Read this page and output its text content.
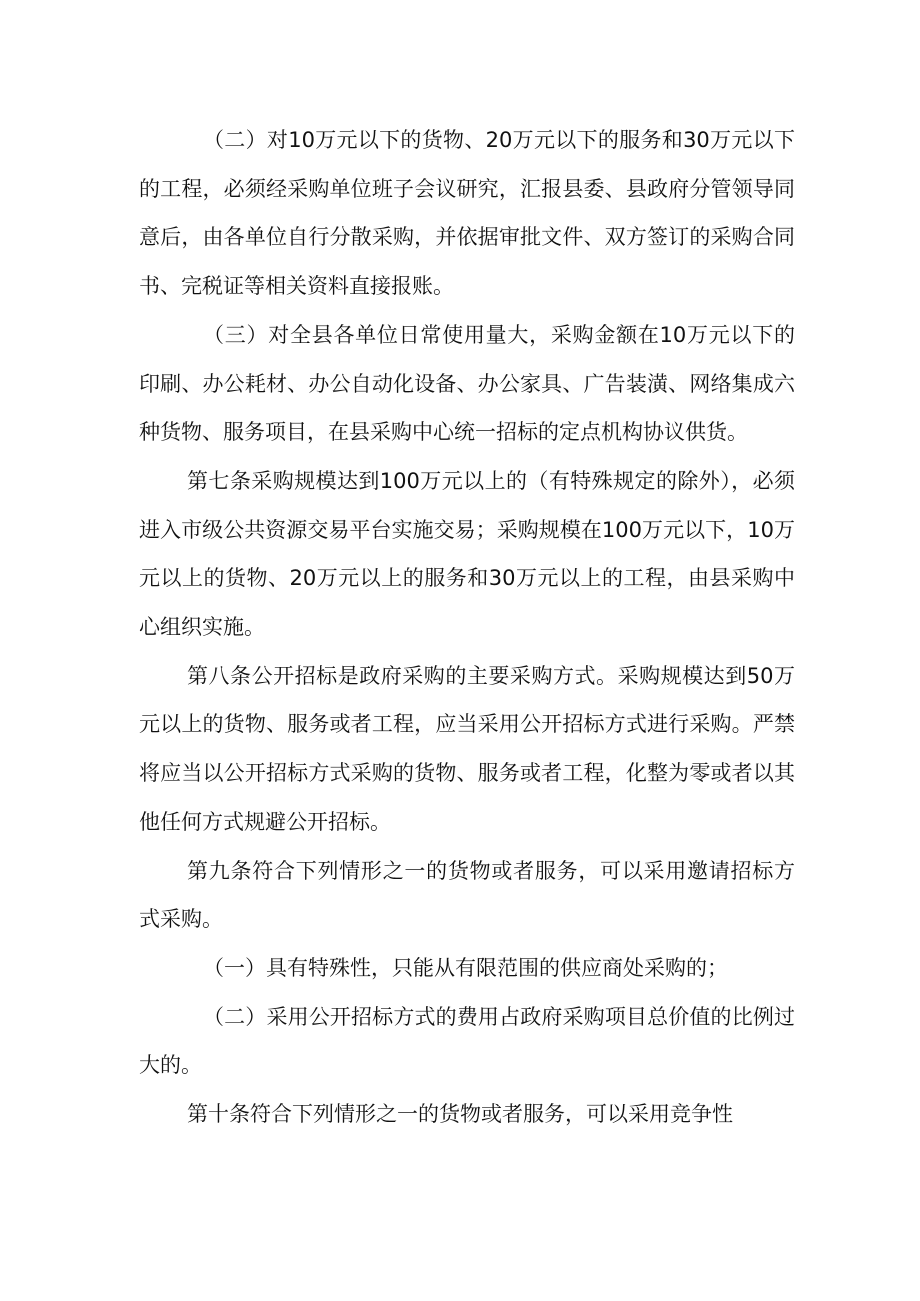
（二）对10万元以下的货物、20万元以下的服务和30万元以下的工程，必须经采购单位班子会议研究，汇报县委、县政府分管领导同意后，由各单位自行分散采购，并依据审批文件、双方签订的采购合同书、完税证等相关资料直接报账。

（三）对全县各单位日常使用量大，采购金额在10万元以下的印刷、办公耗材、办公自动化设备、办公家具、广告装潢、网络集成六种货物、服务项目，在县采购中心统一招标的定点机构协议供货。

第七条采购规模达到100万元以上的（有特殊规定的除外），必须进入市级公共资源交易平台实施交易；采购规模在100万元以下，10万元以上的货物、20万元以上的服务和30万元以上的工程，由县采购中心组织实施。

第八条公开招标是政府采购的主要采购方式。采购规模达到50万元以上的货物、服务或者工程，应当采用公开招标方式进行采购。严禁将应当以公开招标方式采购的货物、服务或者工程，化整为零或者以其他任何方式规避公开招标。

第九条符合下列情形之一的货物或者服务，可以采用邀请招标方式采购。

（一）具有特殊性，只能从有限范围的供应商处采购的；

（二）采用公开招标方式的费用占政府采购项目总价值的比例过大的。

第十条符合下列情形之一的货物或者服务，可以采用竞争性
